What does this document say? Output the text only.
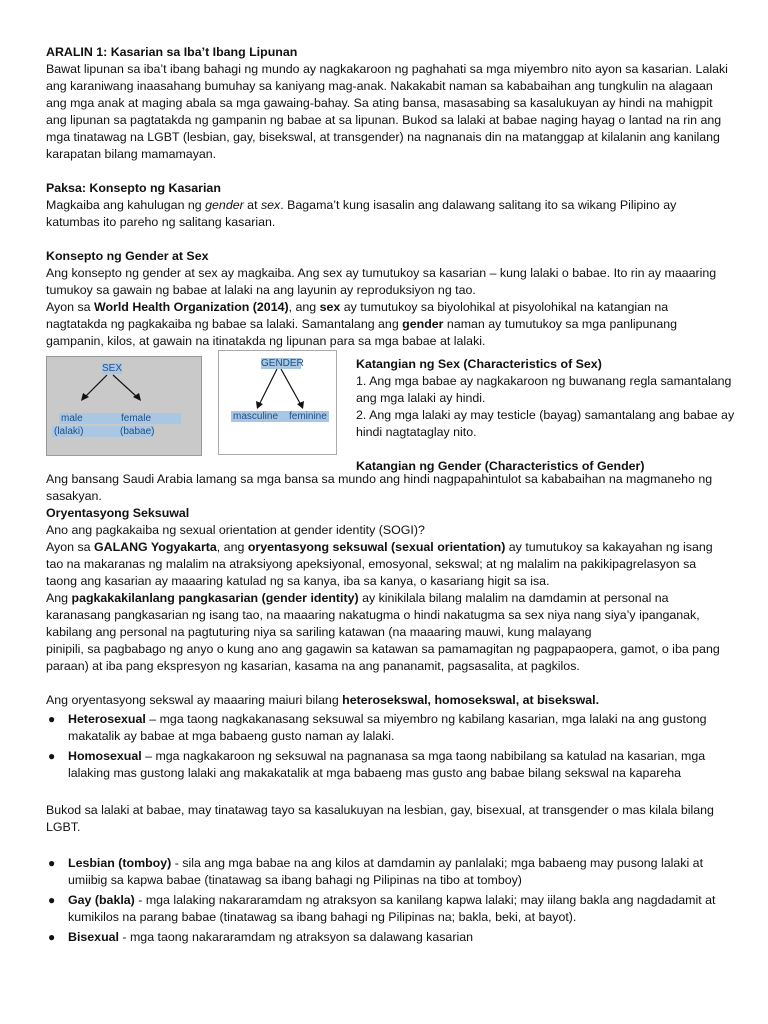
ARALIN 1: Kasarian sa Iba’t Ibang Lipunan

Bawat lipunan sa iba’t ibang bahagi ng mundo ay nagkakaroon ng paghahati sa mga miyembro nito ayon sa kasarian. Lalaki ang karaniwang inaasahang bumuhay sa kaniyang mag-anak. Nakakabit naman sa kababaihan ang tungkulin na alagaan ang mga anak at maging abala sa mga gawaing-bahay. Sa ating bansa, masasabing sa kasalukuyan ay hindi na mahigpit ang lipunan sa pagtatakda ng gampanin ng babae at sa lipunan. Bukod sa lalaki at babae naging hayag o lantad na rin ang mga tinatawag na LGBT (lesbian, gay, bisekswal, at transgender) na nagnanais din na matanggap at kilalanin ang kanilang karapatan bilang mamamayan.

Paksa: Konsepto ng Kasarian

Magkaiba ang kahulugan ng gender at sex. Bagama’t kung isasalin ang dalawang salitang ito sa wikang Pilipino ay katumbas ito pareho ng salitang kasarian.

Konsepto ng Gender at Sex

Ang konsepto ng gender at sex ay magkaiba. Ang sex ay tumutukoy sa kasarian – kung lalaki o babae. Ito rin ay maaaring tumukoy sa gawain ng babae at lalaki na ang layunin ay reproduksiyon ng tao.

Ayon sa World Health Organization (2014), ang sex ay tumutukoy sa biyolohikal at pisyolohikal na katangian na nagtatakda ng pagkakaiba ng babae sa lalaki. Samantalang ang gender naman ay tumutukoy sa mga panlipunang gampanin, kilos, at gawain na itinatakda ng lipunan para sa mga babae at lalaki.

SEX
male	female
(lalaki)	(babae)
GENDER
masculine feminine

Katangian ng Sex (Characteristics of Sex)

1. Ang mga babae ay nagkakaroon ng buwanang regla samantalang ang mga lalaki ay hindi.

2. Ang mga lalaki ay may testicle (bayag) samantalang ang babae ay hindi nagtataglay nito.

Katangian ng Gender (Characteristics of Gender)

Ang bansang Saudi Arabia lamang sa mga bansa sa mundo ang hindi nagpapahintulot sa kababaihan na magmaneho ng sasakyan.

Oryentasyong Seksuwal

Ano ang pagkakaiba ng sexual orientation at gender identity (SOGI)?

Ayon sa GALANG Yogyakarta, ang oryentasyong seksuwal (sexual orientation) ay tumutukoy sa kakayahan ng isang tao na makaranas ng malalim na atraksiyong apeksiyonal, emosyonal, sekswal; at ng malalim na pakikipagrelasyon sa taong ang kasarian ay maaaring katulad ng sa kanya, iba sa kanya, o kasariang higit sa isa.

Ang pagkakakilanlang pangkasarian (gender identity) ay kinikilala bilang malalim na damdamin at personal na karanasang pangkasarian ng isang tao, na maaaring nakatugma o hindi nakatugma sa sex niya nang siya’y ipanganak, kabilang ang personal na pagtuturing niya sa sariling katawan (na maaaring mauwi, kung malayang

pinipili, sa pagbabago ng anyo o kung ano ang gagawin sa katawan sa pamamagitan ng pagpapaopera, gamot, o iba pang paraan) at iba pang ekspresyon ng kasarian, kasama na ang pananamit, pagsasalita, at pagkilos.

Ang oryentasyong sekswal ay maaaring maiuri bilang heterosekswal, homosekswal, at bisekswal.

● Heterosexual – mga taong nagkakanasang seksuwal sa miyembro ng kabilang kasarian, mga lalaki na ang gustong makatalik ay babae at mga babaeng gusto naman ay lalaki.
● Homosexual – mga nagkakaroon ng seksuwal na pagnanasa sa mga taong nabibilang sa katulad na kasarian, mga lalaking mas gustong lalaki ang makakatalik at mga babaeng mas gusto ang babae bilang sekswal na kapareha

Bukod sa lalaki at babae, may tinatawag tayo sa kasalukuyan na lesbian, gay, bisexual, at transgender o mas kilala bilang LGBT.

● Lesbian (tomboy) - sila ang mga babae na ang kilos at damdamin ay panlalaki; mga babaeng may pusong lalaki at umiibig sa kapwa babae (tinatawag sa ibang bahagi ng Pilipinas na tibo at tomboy)
● Gay (bakla) - mga lalaking nakararamdam ng atraksyon sa kanilang kapwa lalaki; may iilang bakla ang nagdadamit at kumikilos na parang babae (tinatawag sa ibang bahagi ng Pilipinas na; bakla, beki, at bayot).
● Bisexual - mga taong nakararamdam ng atraksyon sa dalawang kasarian
